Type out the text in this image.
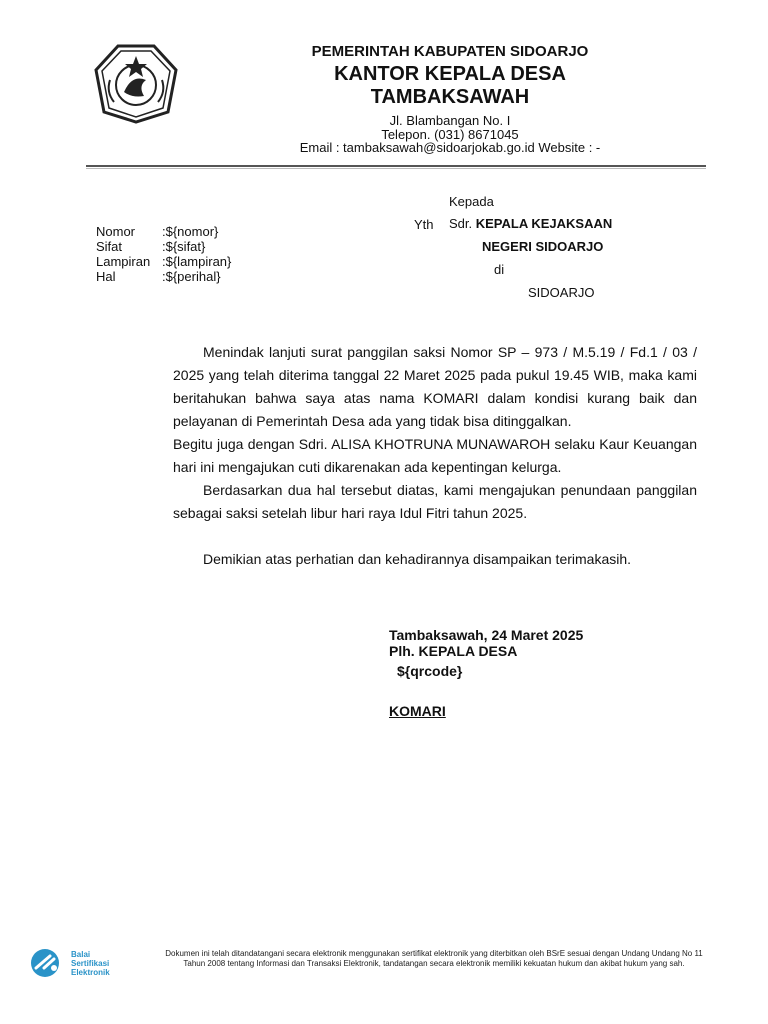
PEMERINTAH KABUPATEN SIDOARJO
KANTOR KEPALA DESA
TAMBAKSAWAH
Jl. Blambangan No. I
Telepon. (031) 8671045
Email : tambaksawah@sidoarjokab.go.id Website : -
Kepada
Yth Sdr. KEPALA KEJAKSAAN
NEGERI SIDOARJO
di
SIDOARJO
Nomor	:${nomor}
Sifat	:${sifat}
Lampiran :${lampiran}
Hal	:${perihal}

Menindak lanjuti surat panggilan saksi Nomor SP – 973 / M.5.19 / Fd.1 / 03 / 2025 yang telah diterima tanggal 22 Maret 2025 pada pukul 19.45 WIB, maka kami beritahukan bahwa saya atas nama KOMARI dalam kondisi kurang baik dan pelayanan di Pemerintah Desa ada yang tidak bisa ditinggalkan.

Begitu juga dengan Sdri. ALISA KHOTRUNA MUNAWAROH selaku Kaur Keuangan hari ini mengajukan cuti dikarenakan ada kepentingan kelurga.

Berdasarkan dua hal tersebut diatas, kami mengajukan penundaan panggilan sebagai saksi setelah libur hari raya Idul Fitri tahun 2025.

Demikian atas perhatian dan kehadirannya disampaikan terimakasih.

Tambaksawah, 24 Maret 2025
Plh. KEPALA DESA
${qrcode}
KOMARI
Balai
Sertifikasi
Elektronik
Dokumen ini telah ditandatangani secara elektronik menggunakan sertifikat elektronik yang diterbitkan oleh BSrE sesuai dengan Undang Undang No 11 Tahun 2008 tentang Informasi dan Transaksi Elektronik, tandatangan secara elektronik memiliki kekuatan hukum dan akibat hukum yang sah.
